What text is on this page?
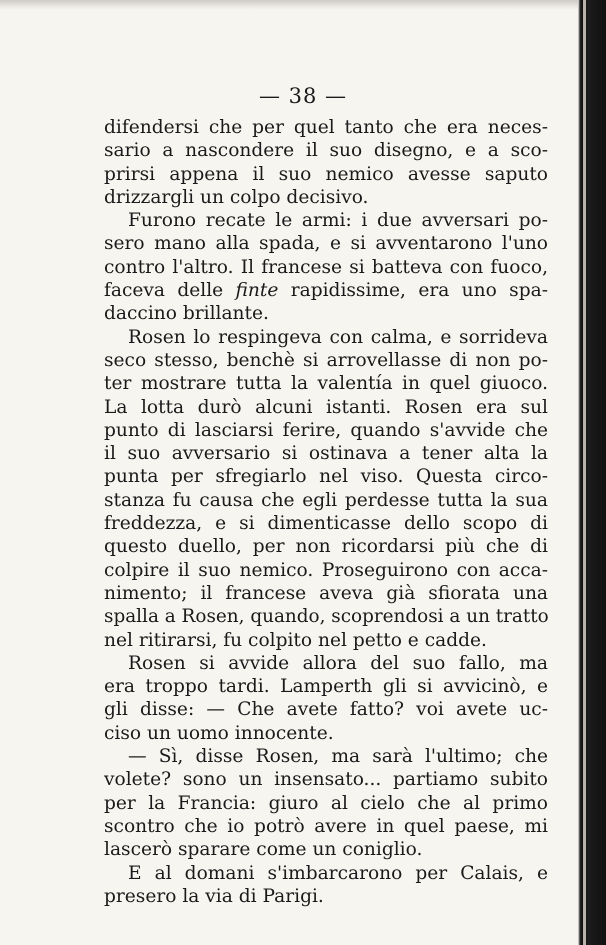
— 38 —
difendersi che per quel tanto che era neces-
sario a nascondere il suo disegno, e a sco-
prirsi appena il suo nemico avesse saputo
drizzargli un colpo decisivo.
Furono recate le armi: i due avversari po-
sero mano alla spada, e si avventarono l'uno
contro l'altro. Il francese si batteva con fuoco,
faceva delle finte rapidissime, era uno spa-
daccino brillante.
Rosen lo respingeva con calma, e sorrideva
seco stesso, benchè si arrovellasse di non po-
ter mostrare tutta la valentía in quel giuoco.
La lotta durò alcuni istanti. Rosen era sul
punto di lasciarsi ferire, quando s'avvide che
il suo avversario si ostinava a tener alta la
punta per sfregiarlo nel viso. Questa circo-
stanza fu causa che egli perdesse tutta la sua
freddezza, e si dimenticasse dello scopo di
questo duello, per non ricordarsi più che di
colpire il suo nemico. Proseguirono con acca-
nimento; il francese aveva già sfiorata una
spalla a Rosen, quando, scoprendosi a un tratto
nel ritirarsi, fu colpito nel petto e cadde.
Rosen si avvide allora del suo fallo, ma
era troppo tardi. Lamperth gli si avvicinò, e
gli disse: — Che avete fatto? voi avete uc-
ciso un uomo innocente.
— Sì, disse Rosen, ma sarà l'ultimo; che
volete? sono un insensato... partiamo subito
per la Francia: giuro al cielo che al primo
scontro che io potrò avere in quel paese, mi
lascerò sparare come un coniglio.
E al domani s'imbarcarono per Calais, e
presero la via di Parigi.
